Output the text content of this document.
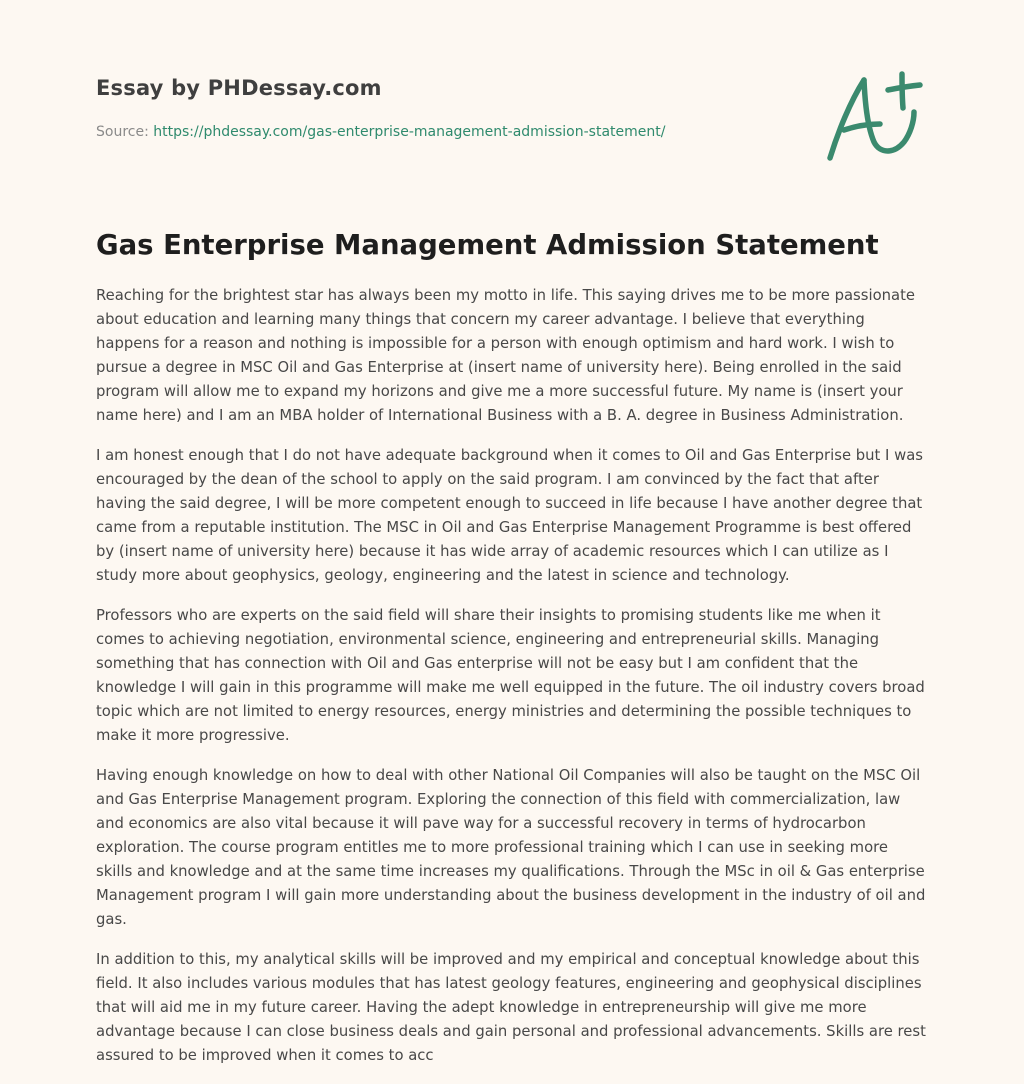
Essay by PHDessay.com
Source: https://phdessay.com/gas-enterprise-management-admission-statement/
Gas Enterprise Management Admission Statement

Reaching for the brightest star has always been my motto in life. This saying drives me to be more passionate about education and learning many things that concern my career advantage. I believe that everything happens for a reason and nothing is impossible for a person with enough optimism and hard work. I wish to pursue a degree in MSC Oil and Gas Enterprise at (insert name of university here). Being enrolled in the said program will allow me to expand my horizons and give me a more successful future. My name is (insert your name here) and I am an MBA holder of International Business with a B. A. degree in Business Administration.

I am honest enough that I do not have adequate background when it comes to Oil and Gas Enterprise but I was encouraged by the dean of the school to apply on the said program. I am convinced by the fact that after having the said degree, I will be more competent enough to succeed in life because I have another degree that came from a reputable institution. The MSC in Oil and Gas Enterprise Management Programme is best offered by (insert name of university here) because it has wide array of academic resources which I can utilize as I study more about geophysics, geology, engineering and the latest in science and technology.

Professors who are experts on the said field will share their insights to promising students like me when it comes to achieving negotiation, environmental science, engineering and entrepreneurial skills. Managing something that has connection with Oil and Gas enterprise will not be easy but I am confident that the knowledge I will gain in this programme will make me well equipped in the future. The oil industry covers broad topic which are not limited to energy resources, energy ministries and determining the possible techniques to make it more progressive.

Having enough knowledge on how to deal with other National Oil Companies will also be taught on the MSC Oil and Gas Enterprise Management program. Exploring the connection of this field with commercialization, law and economics are also vital because it will pave way for a successful recovery in terms of hydrocarbon exploration. The course program entitles me to more professional training which I can use in seeking more skills and knowledge and at the same time increases my qualifications. Through the MSc in oil & Gas enterprise Management program I will gain more understanding about the business development in the industry of oil and gas.

In addition to this, my analytical skills will be improved and my empirical and conceptual knowledge about this field. It also includes various modules that has latest geology features, engineering and geophysical disciplines that will aid me in my future career. Having the adept knowledge in entrepreneurship will give me more advantage because I can close business deals and gain personal and professional advancements. Skills are rest assured to be improved when it comes to acc
